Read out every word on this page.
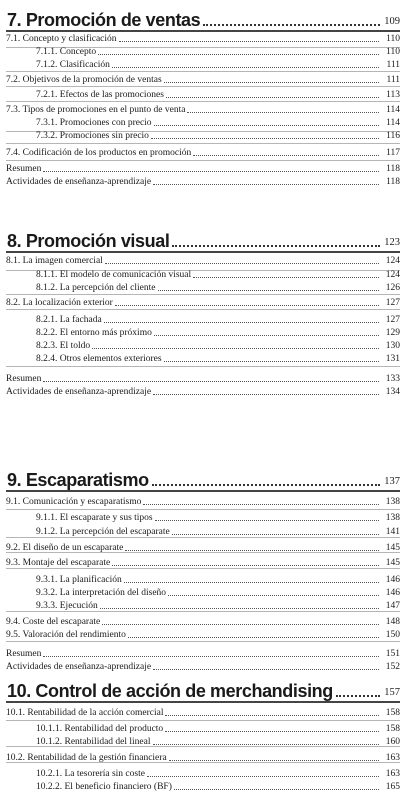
7. Promoción de ventas	109
7.1. Concepto y clasificación	110
7.1.1. Concepto	110
7.1.2. Clasificación	111
7.2. Objetivos de la promoción de ventas	111
7.2.1. Efectos de las promociones	113
7.3. Tipos de promociones en el punto de venta	114
7.3.1. Promociones con precio	114
7.3.2. Promociones sin precio	116
7.4. Codificación de los productos en promoción	117
Resumen	118
Actividades de enseñanza-aprendizaje	118
8. Promoción visual	123
8.1. La imagen comercial	124
8.1.1. El modelo de comunicación visual	124
8.1.2. La percepción del cliente	126
8.2. La localización exterior	127
8.2.1. La fachada	127
8.2.2. El entorno más próximo	129
8.2.3. El toldo	130
8.2.4. Otros elementos exteriores	131
Resumen	133
Actividades de enseñanza-aprendizaje	134
9. Escaparatismo	137
9.1. Comunicación y escaparatismo	138
9.1.1. El escaparate y sus tipos	138
9.1.2. La percepción del escaparate	141
9.2. El diseño de un escaparate	145
9.3. Montaje del escaparate	145
9.3.1. La planificación	146
9.3.2. La interpretación del diseño	146
9.3.3. Ejecución	147
9.4. Coste del escaparate	148
9.5. Valoración del rendimiento	150
Resumen	151
Actividades de enseñanza-aprendizaje	152
10. Control de acción de merchandising	157
10.1. Rentabilidad de la acción comercial	158
10.1.1. Rentabilidad del producto	158
10.1.2. Rentabilidad del lineal	160
10.2. Rentabilidad de la gestión financiera	163
10.2.1. La tesorería sin coste	163
10.2.2. El beneficio financiero (BF)	165
